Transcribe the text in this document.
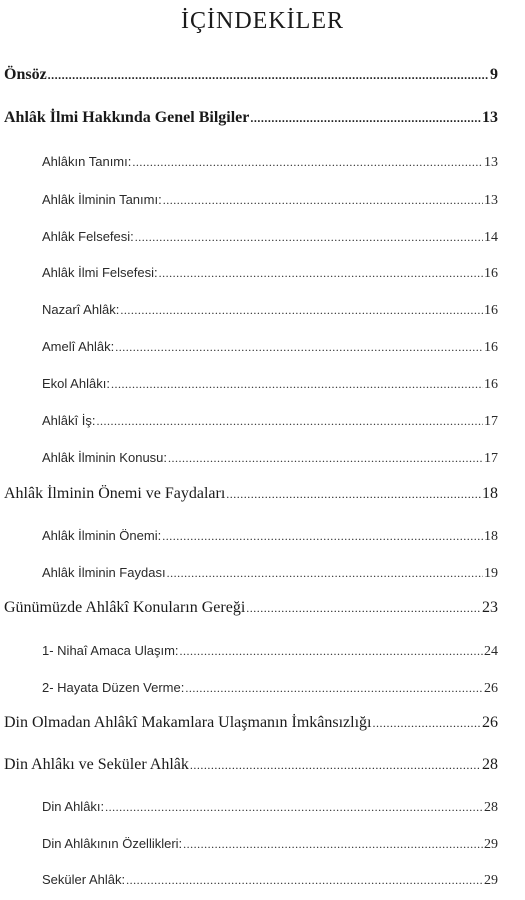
İÇİNDEKİLER
Önsöz .....	9
Ahlâk İlmi Hakkında Genel Bilgiler .....	13
Ahlâkın Tanımı: .....	13
Ahlâk İlminin Tanımı: .....	13
Ahlâk Felsefesi: .....	14
Ahlâk İlmi Felsefesi: .....	16
Nazarî Ahlâk: .....	16
Amelî Ahlâk: .....	16
Ekol Ahlâkı: .....	16
Ahlâkî İş: .....	17
Ahlâk İlminin Konusu: .....	17
Ahlâk İlminin Önemi ve Faydaları .....	18
Ahlâk İlminin Önemi: .....	18
Ahlâk İlminin Faydası .....	19
Günümüzde Ahlâkî Konuların Gereği .....	23
1- Nihaî Amaca Ulaşım: .....	24
2- Hayata Düzen Verme: .....	26
Din Olmadan Ahlâkî Makamlara Ulaşmanın İmkânsızlığı .....	26
Din Ahlâkı ve Seküler Ahlâk .....	28
Din Ahlâkı: .....	28
Din Ahlâkının Özellikleri: .....	29
Seküler Ahlâk: .....	29
